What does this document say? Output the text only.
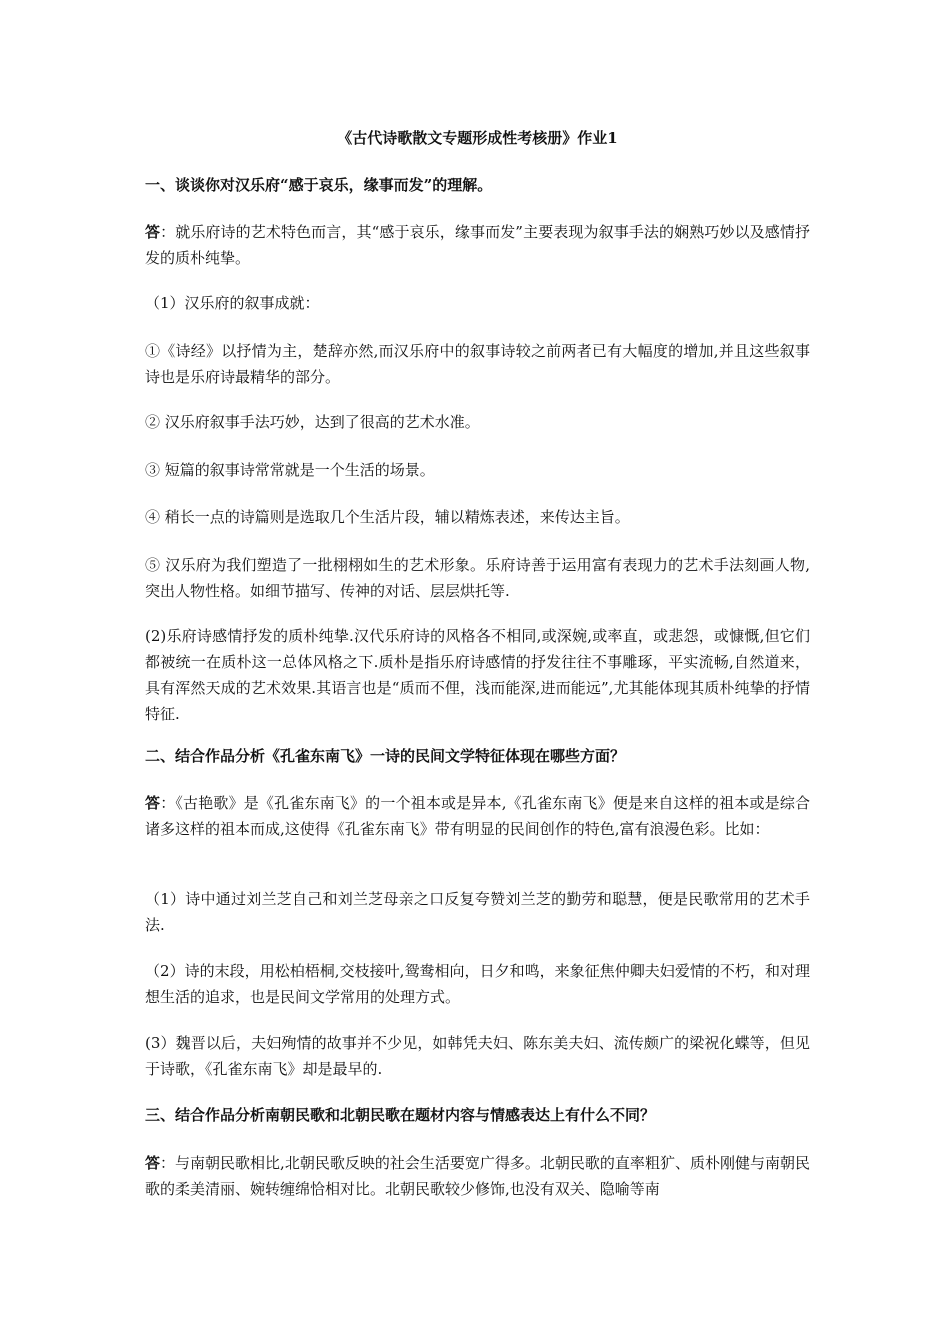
《古代诗歌散文专题形成性考核册》作业1

一、谈谈你对汉乐府“感于哀乐，缘事而发”的理解。

答：就乐府诗的艺术特色而言，其“感于哀乐，缘事而发”主要表现为叙事手法的娴熟巧妙以及感情抒发的质朴纯挚。

（1）汉乐府的叙事成就：

①《诗经》以抒情为主，楚辞亦然,而汉乐府中的叙事诗较之前两者已有大幅度的增加,并且这些叙事诗也是乐府诗最精华的部分。

② 汉乐府叙事手法巧妙，达到了很高的艺术水准。

③ 短篇的叙事诗常常就是一个生活的场景。

④ 稍长一点的诗篇则是选取几个生活片段，辅以精炼表述，来传达主旨。

⑤ 汉乐府为我们塑造了一批栩栩如生的艺术形象。乐府诗善于运用富有表现力的艺术手法刻画人物,突出人物性格。如细节描写、传神的对话、层层烘托等.

(2)乐府诗感情抒发的质朴纯挚.汉代乐府诗的风格各不相同,或深婉,或率直，或悲怨，或慷慨,但它们都被统一在质朴这一总体风格之下.质朴是指乐府诗感情的抒发往往不事雕琢，平实流畅,自然道来，具有浑然天成的艺术效果.其语言也是“质而不俚，浅而能深,进而能远”,尤其能体现其质朴纯挚的抒情特征.

二、结合作品分析《孔雀东南飞》一诗的民间文学特征体现在哪些方面？

答：《古艳歌》是《孔雀东南飞》的一个祖本或是异本,《孔雀东南飞》便是来自这样的祖本或是综合诸多这样的祖本而成,这使得《孔雀东南飞》带有明显的民间创作的特色,富有浪漫色彩。比如：

（1）诗中通过刘兰芝自己和刘兰芝母亲之口反复夸赞刘兰芝的勤劳和聪慧，便是民歌常用的艺术手法.

（2）诗的末段，用松柏梧桐,交枝接叶,鸳鸯相向，日夕和鸣，来象征焦仲卿夫妇爱情的不朽，和对理想生活的追求，也是民间文学常用的处理方式。

(3）魏晋以后，夫妇殉情的故事并不少见，如韩凭夫妇、陈东美夫妇、流传颇广的梁祝化蝶等，但见于诗歌，《孔雀东南飞》却是最早的.

三、结合作品分析南朝民歌和北朝民歌在题材内容与情感表达上有什么不同？

答：与南朝民歌相比,北朝民歌反映的社会生活要宽广得多。北朝民歌的直率粗犷、质朴刚健与南朝民歌的柔美清丽、婉转缠绵恰相对比。北朝民歌较少修饰,也没有双关、隐喻等南
